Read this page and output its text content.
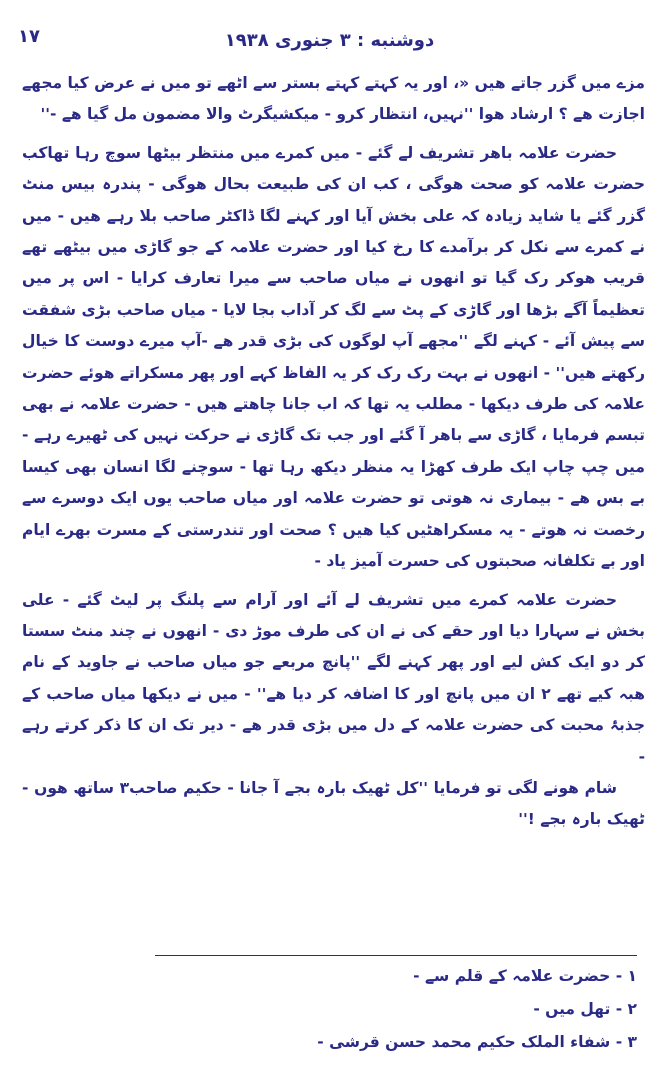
١٧	دوشنبه : ۳ جنوری ۱۹۳۸

مزے میں گزر جاتے ھیں «، اور یہ کہتے کہتے بستر سے اٹھے تو میں نے عرض کیا مجھے اجازت ھے ؟ ارشاد ھوا ''نہیں، انتظار کرو - میکشیگرٹ والا مضمون مل گیا ھے -''

حضرت علامہ باھر تشریف لے گئے - میں کمرے میں منتظر بیٹھا سوچ رہا تھاکب حضرت علامہ کو صحت ھوگی ، کب ان کی طبیعت بحال ھوگی - پندرہ بیس منٹ گزر گئے یا شاید زیادہ کہ علی بخش آیا اور کہنے لگا ڈاکٹر صاحب بلا رہے ھیں - میں نے کمرے سے نکل کر برآمدے کا رخ کیا اور حضرت علامہ کے جو گاڑی میں بیٹھے تھے قریب ھوکر رک گیا تو انھوں نے میاں صاحب سے میرا تعارف کرایا - اس پر میں تعظیماً آگے بڑھا اور گاڑی کے پٹ سے لگ کر آداب بجا لایا - میاں صاحب بڑی شفقت سے پیش آئے - کہنے لگے ''مجھے آپ لوگوں کی بڑی قدر ھے -آپ میرے دوست کا خیال رکھتے ھیں'' - انھوں نے بہت رک رک کر یہ الفاظ کہے اور پھر مسکراتے ھوئے حضرت علامہ کی طرف دیکھا - مطلب یہ تھا کہ اب جانا چاھتے ھیں - حضرت علامہ نے بھی تبسم فرمایا ، گاڑی سے باھر آ گئے اور جب تک گاڑی نے حرکت نہیں کی ٹھیرے رہے - میں چپ چاپ ایک طرف کھڑا یہ منظر دیکھ رہا تھا - سوچنے لگا انسان بھی کیسا بے بس ھے - بیماری نہ ھوتی تو حضرت علامہ اور میاں صاحب یوں ایک دوسرے سے رخصت نہ ھوتے - یہ مسکراھٹیں کیا ھیں ؟ صحت اور تندرستی کے مسرت بھرے ایام اور بے تکلفانہ صحبتوں کی حسرت آمیز یاد -

حضرت علامہ کمرے میں تشریف لے آئے اور آرام سے پلنگ پر لیٹ گئے - علی بخش نے سہارا دیا اور حقے کی نے ان کی طرف موڑ دی - انھوں نے چند منٹ سستا کر دو ایک کش لیے اور پھر کہنے لگے ''پانچ مربعے جو میاں صاحب نے جاوید کے نام ھبہ کیے تھے ۲ ان میں پانچ اور کا اضافہ کر دیا ھے'' - میں نے دیکھا میاں صاحب کے جذبۂ محبت کی حضرت علامہ کے دل میں بڑی قدر ھے - دیر تک ان کا ذکر کرتے رہے -

شام ھونے لگی تو فرمایا ''کل ٹھیک بارہ بجے آ جانا - حکیم صاحب۳ ساتھ ھوں - ٹھیک بارہ بجے !''

۱ - حضرت علامہ کے قلم سے -
۲ - تھل میں -
۳ - شفاء الملک حکیم محمد حسن قرشی -
